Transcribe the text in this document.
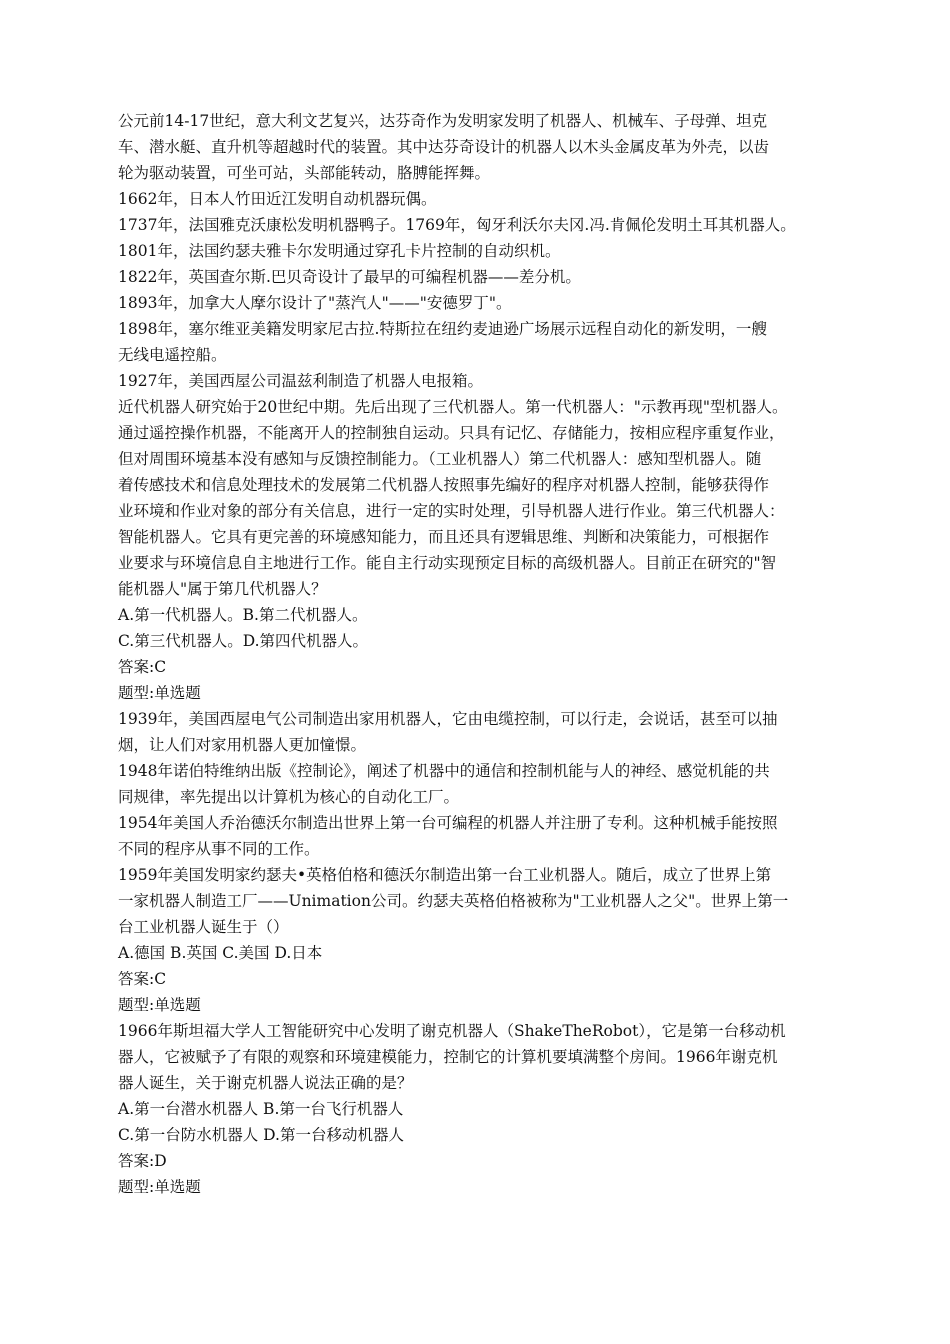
公元前14-17世纪，意大利文艺复兴，达芬奇作为发明家发明了机器人、机械车、子母弹、坦克

车、潜水艇、直升机等超越时代的装置。其中达芬奇设计的机器人以木头金属皮革为外壳，以齿

轮为驱动装置，可坐可站，头部能转动，胳膊能挥舞。

1662年，日本人竹田近江发明自动机器玩偶。

1737年，法国雅克沃康松发明机器鸭子。1769年，匈牙利沃尔夫冈.冯.肯佩伦发明土耳其机器人。

1801年，法国约瑟夫雅卡尔发明通过穿孔卡片控制的自动织机。

1822年，英国查尔斯.巴贝奇设计了最早的可编程机器——差分机。

1893年，加拿大人摩尔设计了"蒸汽人"——"安德罗丁"。

1898年，塞尔维亚美籍发明家尼古拉.特斯拉在纽约麦迪逊广场展示远程自动化的新发明，一艘

无线电遥控船。

1927年，美国西屋公司温兹利制造了机器人电报箱。

近代机器人研究始于20世纪中期。先后出现了三代机器人。第一代机器人："示教再现"型机器人。

通过遥控操作机器，不能离开人的控制独自运动。只具有记忆、存储能力，按相应程序重复作业，

但对周围环境基本没有感知与反馈控制能力。（工业机器人）第二代机器人：感知型机器人。随

着传感技术和信息处理技术的发展第二代机器人按照事先编好的程序对机器人控制，能够获得作

业环境和作业对象的部分有关信息，进行一定的实时处理，引导机器人进行作业。第三代机器人：

智能机器人。它具有更完善的环境感知能力，而且还具有逻辑思维、判断和决策能力，可根据作

业要求与环境信息自主地进行工作。能自主行动实现预定目标的高级机器人。目前正在研究的"智

能机器人"属于第几代机器人？

A.第一代机器人。B.第二代机器人。

C.第三代机器人。D.第四代机器人。

答案:C

题型:单选题

1939年，美国西屋电气公司制造出家用机器人，它由电缆控制，可以行走，会说话，甚至可以抽

烟，让人们对家用机器人更加憧憬。

1948年诺伯特维纳出版《控制论》，阐述了机器中的通信和控制机能与人的神经、感觉机能的共

同规律，率先提出以计算机为核心的自动化工厂。

1954年美国人乔治德沃尔制造出世界上第一台可编程的机器人并注册了专利。这种机械手能按照

不同的程序从事不同的工作。

1959年美国发明家约瑟夫•英格伯格和德沃尔制造出第一台工业机器人。随后，成立了世界上第

一家机器人制造工厂——Unimation公司。约瑟夫英格伯格被称为"工业机器人之父"。世界上第一

台工业机器人诞生于（）

A.德国 B.英国 C.美国 D.日本

答案:C

题型:单选题

1966年斯坦福大学人工智能研究中心发明了谢克机器人（ShakeTheRobot），它是第一台移动机

器人，它被赋予了有限的观察和环境建模能力，控制它的计算机要填满整个房间。1966年谢克机

器人诞生，关于谢克机器人说法正确的是？

A.第一台潜水机器人 B.第一台飞行机器人

C.第一台防水机器人 D.第一台移动机器人

答案:D

题型:单选题
